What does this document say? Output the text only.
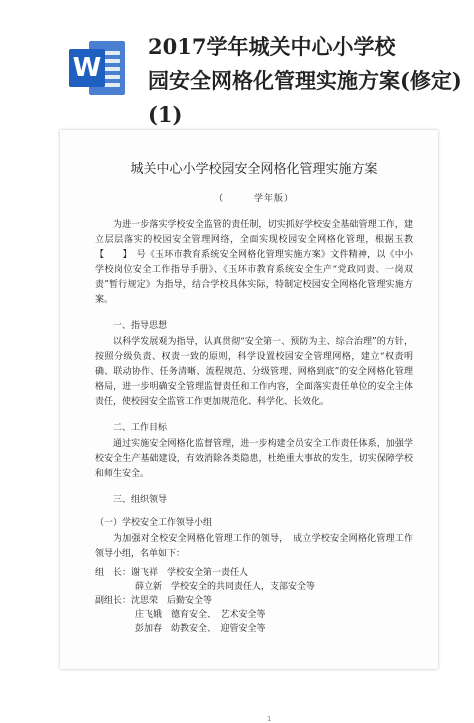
W
2017学年城关中心小学校
园安全网格化管理实施方案(修定)(1)
城关中心小学校园安全网格化管理实施方案
（　　　学年版）
为进一步落实学校安全监管的责任制，切实抓好学校安全基础管理工作，建立层层落实的校园安全管理网络，全面实现校园安全网格化管理，根据玉教【　　】　号《玉环市教育系统安全网格化管理实施方案》文件精神，以《中小学校岗位安全工作指导手册》、《玉环市教育系统安全生产“党政同责、一岗双责”暂行规定》为指导，结合学校具体实际，特制定校园安全网格化管理实施方案。
一、指导思想
以科学发展观为指导，认真贯彻“安全第一、预防为主、综合治理”的方针，按照分级负责、权责一致的原则，科学设置校园安全管理网格，建立“权责明确、联动协作、任务清晰、流程规范、分级管理、网格到底”的安全网格化管理格局，进一步明确安全管理监督责任和工作内容，全面落实责任单位的安全主体责任，使校园安全监管工作更加规范化、科学化、长效化。
二、工作目标
通过实施安全网格化监督管理，进一步构建全员安全工作责任体系，加强学校安全生产基础建设，有效消除各类隐患，杜绝重大事故的发生，切实保障学校和师生安全。
三、组织领导
（一）学校安全工作领导小组
为加强对全校安全网格化管理工作的领导，　成立学校安全网格化管理工作领导小组，名单如下：
组　长：谢飞祥　学校安全第一责任人
薛立新　学校安全的共同责任人，支部安全等
副组长：沈思荣　后勤安全等
庄飞娥　德育安全、　艺术安全等
彭加春　幼教安全、　迎管安全等
1
